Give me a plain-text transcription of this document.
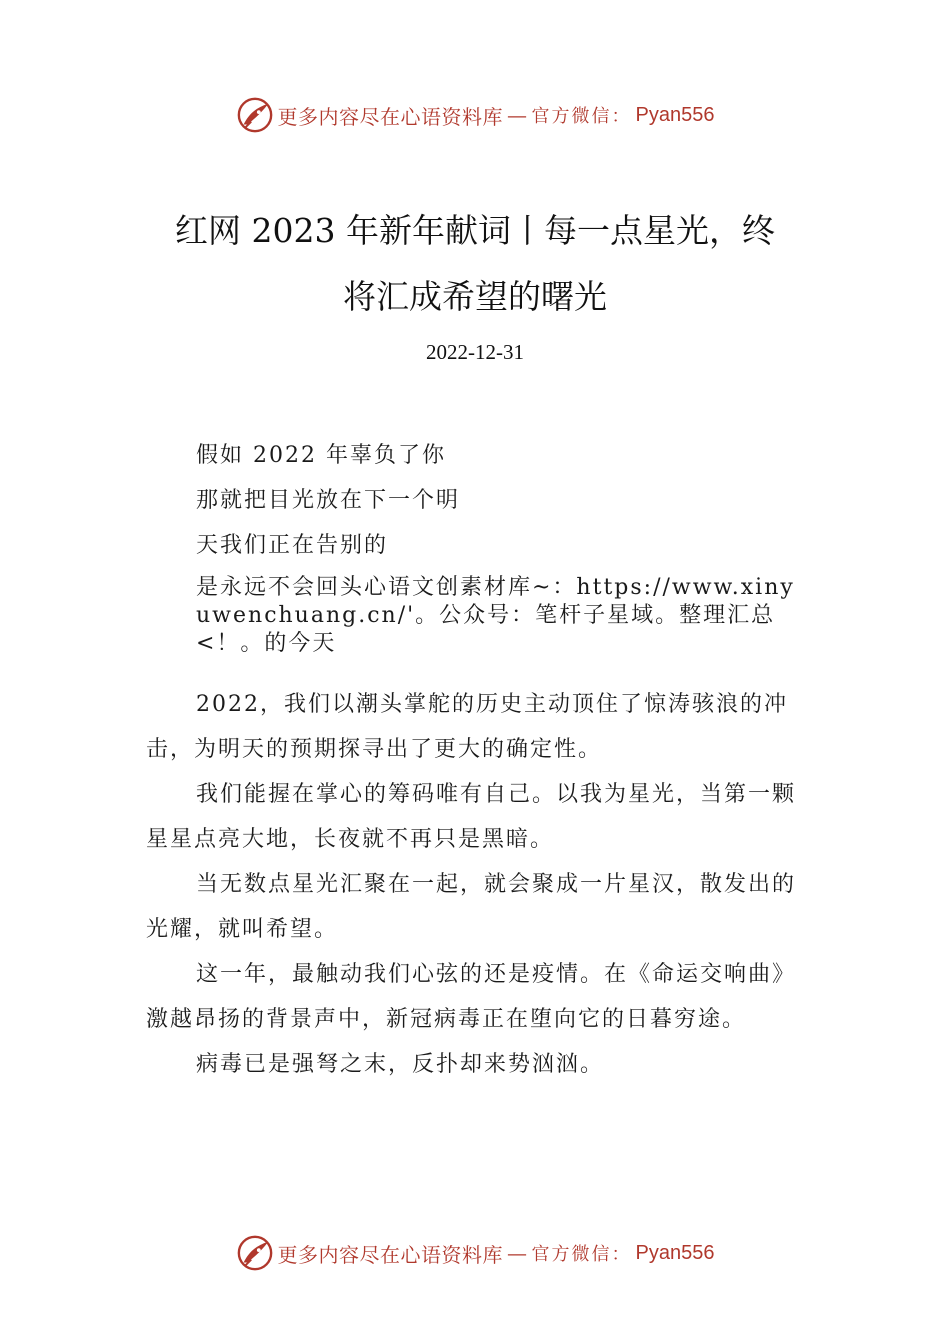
更多内容尽在心语资料库 — 官方微信： Pyan556
红网 2023 年新年献词丨每一点星光，终
将汇成希望的曙光
2022-12-31

假如 2022 年辜负了你

那就把目光放在下一个明

天我们正在告别的

是永远不会回头心语文创素材库~：https://www.xinyuwenchuang.cn/'。公众号：笔杆子星域。整理汇总<！。的今天

2022，我们以潮头掌舵的历史主动顶住了惊涛骇浪的冲击，为明天的预期探寻出了更大的确定性。

我们能握在掌心的筹码唯有自己。以我为星光，当第一颗星星点亮大地，长夜就不再只是黑暗。

当无数点星光汇聚在一起，就会聚成一片星汉，散发出的光耀，就叫希望。

这一年，最触动我们心弦的还是疫情。在《命运交响曲》激越昂扬的背景声中，新冠病毒正在堕向它的日暮穷途。

病毒已是强弩之末，反扑却来势汹汹。

更多内容尽在心语资料库 — 官方微信： Pyan556
